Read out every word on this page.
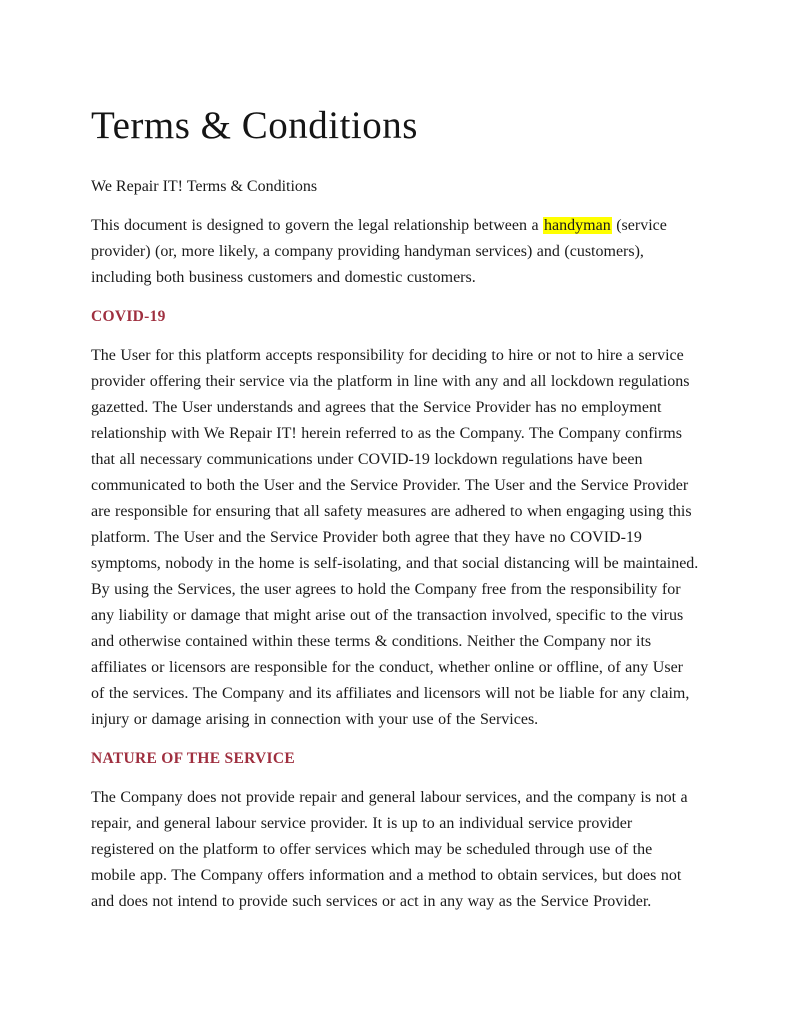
Terms & Conditions

We Repair IT! Terms & Conditions

This document is designed to govern the legal relationship between a handyman (service provider) (or, more likely, a company providing handyman services) and (customers), including both business customers and domestic customers.

COVID-19

The User for this platform accepts responsibility for deciding to hire or not to hire a service provider offering their service via the platform in line with any and all lockdown regulations gazetted. The User understands and agrees that the Service Provider has no employment relationship with We Repair IT! herein referred to as the Company. The Company confirms that all necessary communications under COVID-19 lockdown regulations have been communicated to both the User and the Service Provider. The User and the Service Provider are responsible for ensuring that all safety measures are adhered to when engaging using this platform. The User and the Service Provider both agree that they have no COVID-19 symptoms, nobody in the home is self-isolating, and that social distancing will be maintained. By using the Services, the user agrees to hold the Company free from the responsibility for any liability or damage that might arise out of the transaction involved, specific to the virus and otherwise contained within these terms & conditions. Neither the Company nor its affiliates or licensors are responsible for the conduct, whether online or offline, of any User of the services. The Company and its affiliates and licensors will not be liable for any claim, injury or damage arising in connection with your use of the Services.

NATURE OF THE SERVICE

The Company does not provide repair and general labour services, and the company is not a repair, and general labour service provider. It is up to an individual service provider registered on the platform to offer services which may be scheduled through use of the mobile app. The Company offers information and a method to obtain services, but does not and does not intend to provide such services or act in any way as the Service Provider.
